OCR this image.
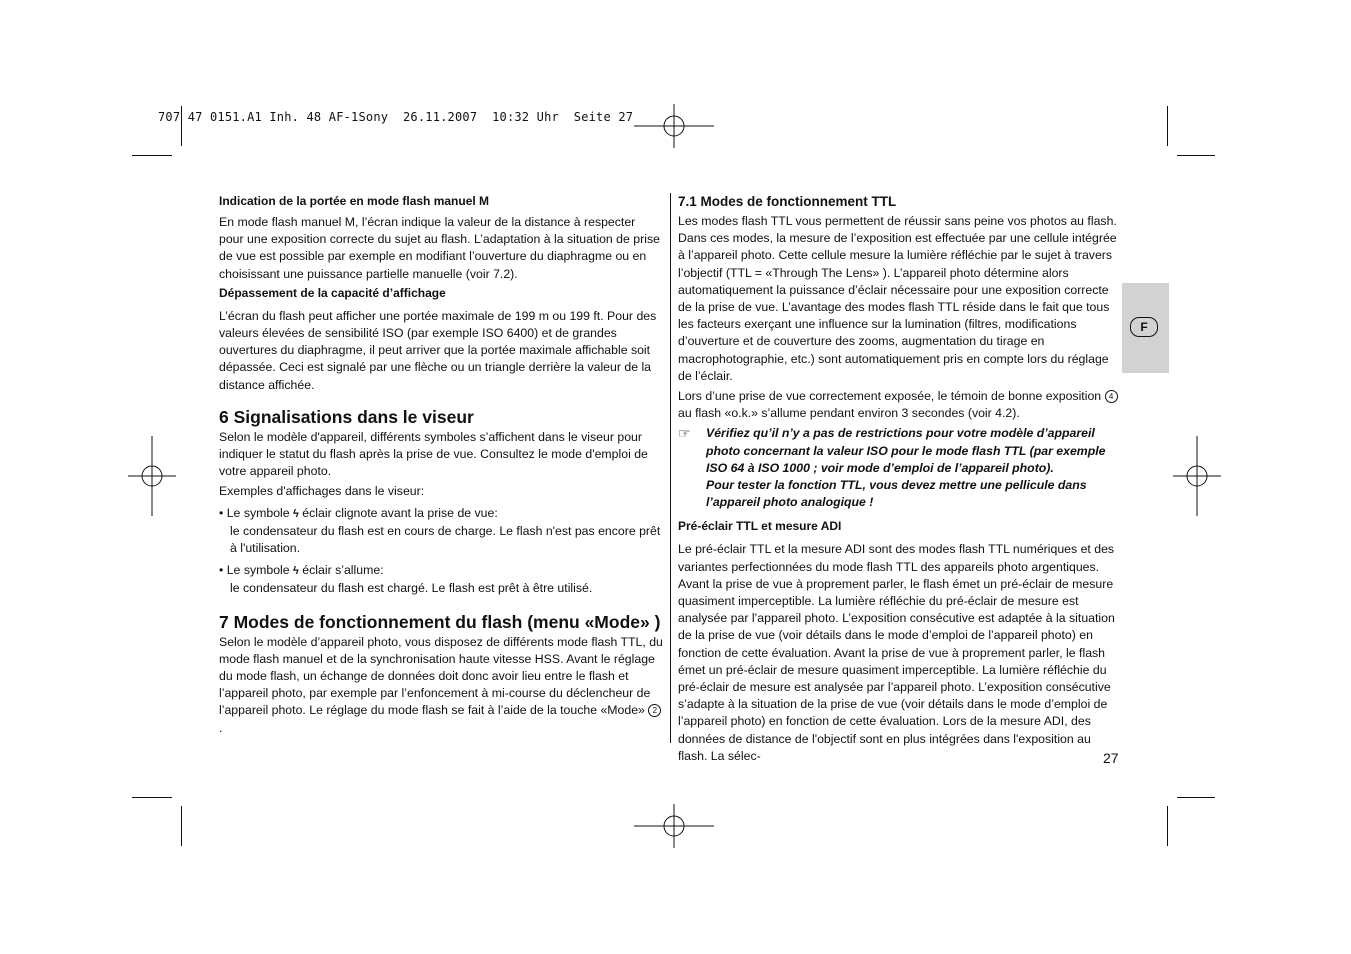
707 47 0151.A1 Inh. 48 AF-1Sony  26.11.2007  10:32 Uhr  Seite 27

Indication de la portée en mode flash manuel M

En mode flash manuel M, l’écran indique la valeur de la distance à respecter pour une exposition correcte du sujet au flash. L’adaptation à la situation de prise de vue est possible par exemple en modifiant l’ouverture du diaphragme ou en choisissant une puissance partielle manuelle (voir 7.2).

Dépassement de la capacité d’affichage

L’écran du flash peut afficher une portée maximale de 199 m ou 199 ft. Pour des valeurs élevées de sensibilité ISO (par exemple ISO 6400) et de grandes ouvertures du diaphragme, il peut arriver que la portée maximale affichable soit dépassée. Ceci est signalé par une flèche ou un triangle derrière la valeur de la distance affichée.

6 Signalisations dans le viseur

Selon le modèle d'appareil, différents symboles s’affichent dans le viseur pour indiquer le statut du flash après la prise de vue. Consultez le mode d'emploi de votre appareil photo.

Exemples d'affichages dans le viseur:

• Le symbole ϟ éclair clignote avant la prise de vue:

le condensateur du flash est en cours de charge. Le flash n'est pas encore prêt à l'utilisation.

• Le symbole ϟ éclair s’allume:

le condensateur du flash est chargé. Le flash est prêt à être utilisé.

7 Modes de fonctionnement du flash (menu «Mode» )

Selon le modèle d’appareil photo, vous disposez de différents mode flash TTL, du mode flash manuel et de la synchronisation haute vitesse HSS. Avant le réglage du mode flash, un échange de données doit donc avoir lieu entre le flash et l’appareil photo, par exemple par l’enfoncement à mi-course du déclencheur de l’appareil photo. Le réglage du mode flash se fait à l’aide de la touche «Mode» 2.

7.1 Modes de fonctionnement TTL

Les modes flash TTL vous permettent de réussir sans peine vos photos au flash. Dans ces modes, la mesure de l’exposition est effectuée par une cellule intégrée à l’appareil photo. Cette cellule mesure la lumière réfléchie par le sujet à travers l’objectif (TTL = «Through The Lens» ). L’appareil photo détermine alors automatiquement la puissance d’éclair nécessaire pour une exposition correcte de la prise de vue. L’avantage des modes flash TTL réside dans le fait que tous les facteurs exerçant une influence sur la lumination (filtres, modifications d’ouverture et de couverture des zooms, augmentation du tirage en macrophotographie, etc.) sont automatiquement pris en compte lors du réglage de l’éclair.

Lors d’une prise de vue correctement exposée, le témoin de bonne exposition 4 au flash «o.k.» s’allume pendant environ 3 secondes (voir 4.2).

☞ Vérifiez qu’il n’y a pas de restrictions pour votre modèle d’appareil photo concernant la valeur ISO pour le mode flash TTL (par exemple ISO 64 à ISO 1000 ; voir mode d’emploi de l’appareil photo).

Pour tester la fonction TTL, vous devez mettre une pellicule dans l’appareil photo analogique !

Pré-éclair TTL et mesure ADI

Le pré-éclair TTL et la mesure ADI sont des modes flash TTL numériques et des variantes perfectionnées du mode flash TTL des appareils photo argentiques. Avant la prise de vue à proprement parler, le flash émet un pré-éclair de mesure quasiment imperceptible. La lumière réfléchie du pré-éclair de mesure est analysée par l’appareil photo. L’exposition consécutive est adaptée à la situation de la prise de vue (voir détails dans le mode d’emploi de l’appareil photo) en fonction de cette évaluation. Avant la prise de vue à proprement parler, le flash émet un pré-éclair de mesure quasiment imperceptible. La lumière réfléchie du pré-éclair de mesure est analysée par l’appareil photo. L’exposition consécutive s’adapte à la situation de la prise de vue (voir détails dans le mode d’emploi de l’appareil photo) en fonction de cette évaluation. Lors de la mesure ADI, des données de distance de l'objectif sont en plus intégrées dans l'exposition au flash. La sélec-

F
27
